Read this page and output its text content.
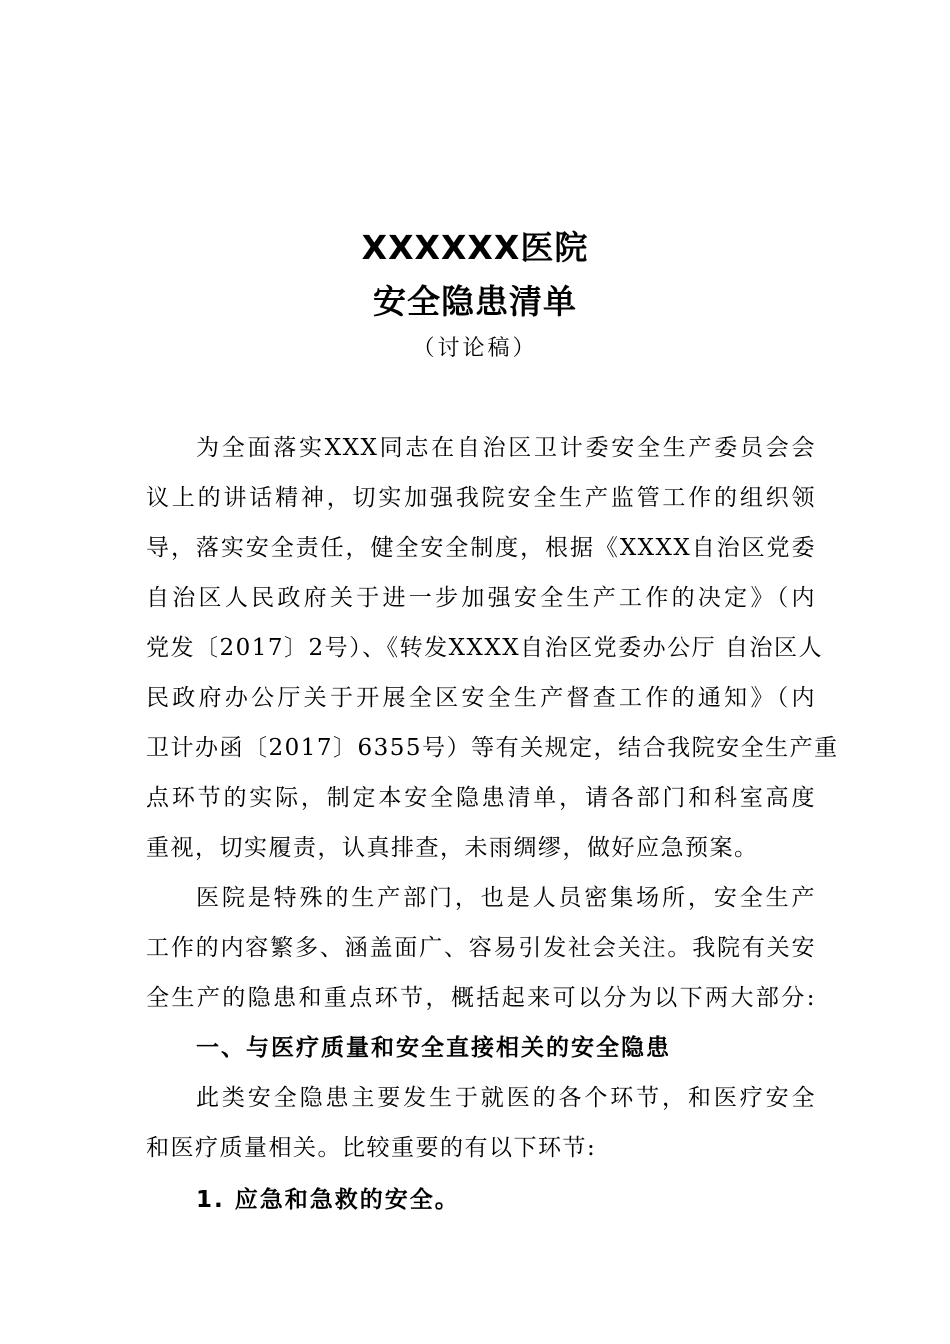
XXXXXX医院
安全隐患清单
（讨论稿）
为全面落实XXX同志在自治区卫计委安全生产委员会会
议上的讲话精神，切实加强我院安全生产监管工作的组织领
导，落实安全责任，健全安全制度，根据《XXXX自治区党委
自治区人民政府关于进一步加强安全生产工作的决定》（内
党发〔2017〕2号）、《转发XXXX自治区党委办公厅 自治区人
民政府办公厅关于开展全区安全生产督查工作的通知》（内
卫计办函〔2017〕6355号）等有关规定，结合我院安全生产重
点环节的实际，制定本安全隐患清单，请各部门和科室高度
重视，切实履责，认真排查，未雨绸缪，做好应急预案。
医院是特殊的生产部门，也是人员密集场所，安全生产
工作的内容繁多、涵盖面广、容易引发社会关注。我院有关安
全生产的隐患和重点环节，概括起来可以分为以下两大部分:
一、与医疗质量和安全直接相关的安全隐患
此类安全隐患主要发生于就医的各个环节，和医疗安全
和医疗质量相关。比较重要的有以下环节:
1. 应急和急救的安全。
